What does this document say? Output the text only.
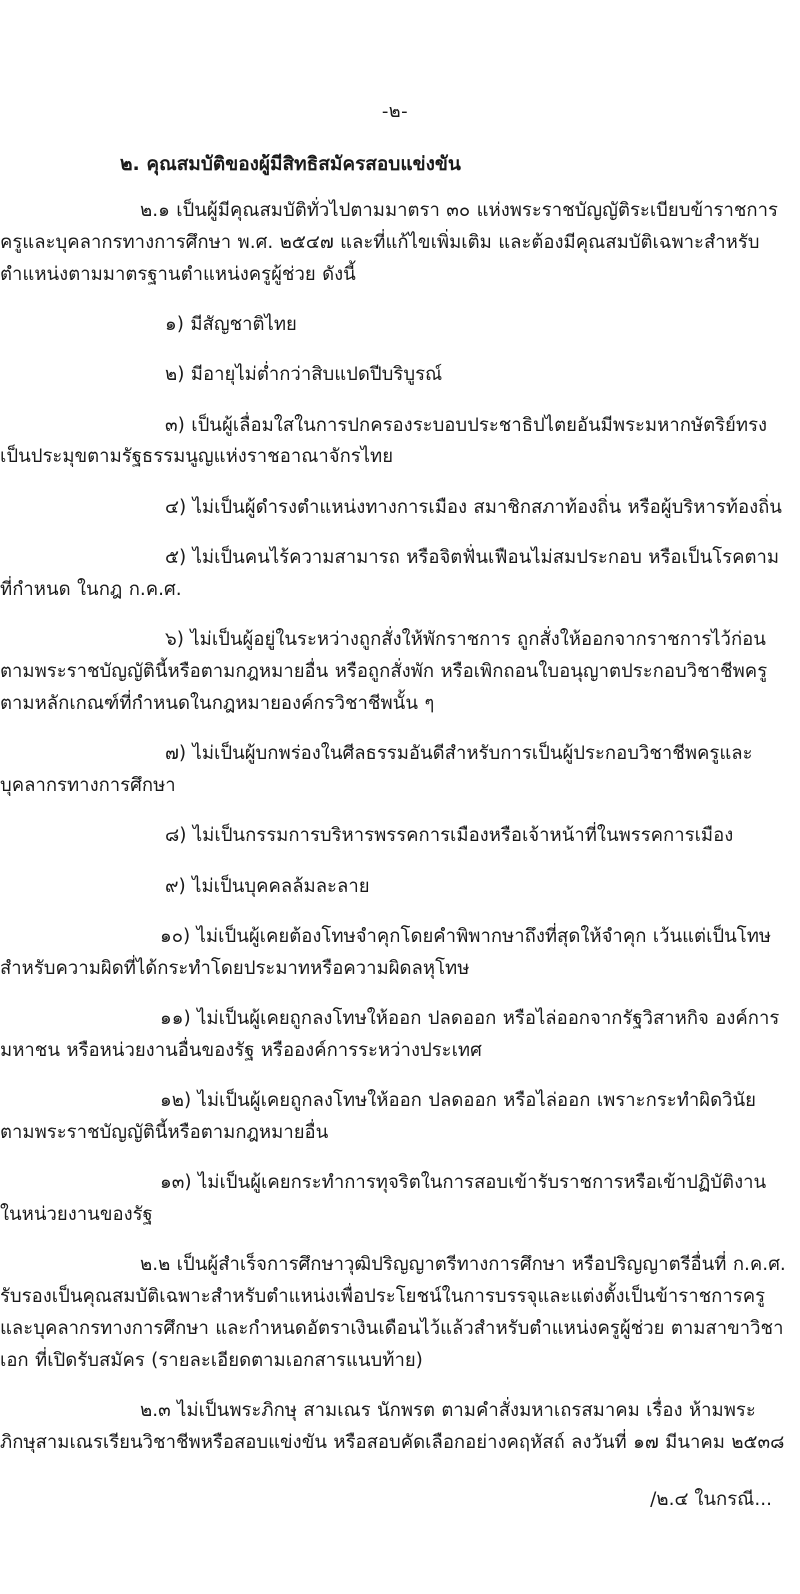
-๒-
๒. คุณสมบัติของผู้มีสิทธิสมัครสอบแข่งขัน

๒.๑ เป็นผู้มีคุณสมบัติทั่วไปตามมาตรา ๓๐ แห่งพระราชบัญญัติระเบียบข้าราชการครูและบุคลากรทางการศึกษา พ.ศ. ๒๕๔๗ และที่แก้ไขเพิ่มเติม และต้องมีคุณสมบัติเฉพาะสำหรับตำแหน่งตามมาตรฐานตำแหน่งครูผู้ช่วย ดังนี้

๑) มีสัญชาติไทย

๒) มีอายุไม่ต่ำกว่าสิบแปดปีบริบูรณ์

๓) เป็นผู้เลื่อมใสในการปกครองระบอบประชาธิปไตยอันมีพระมหากษัตริย์ทรงเป็นประมุขตามรัฐธรรมนูญแห่งราชอาณาจักรไทย

๔) ไม่เป็นผู้ดำรงตำแหน่งทางการเมือง สมาชิกสภาท้องถิ่น หรือผู้บริหารท้องถิ่น

๕) ไม่เป็นคนไร้ความสามารถ หรือจิตฟั่นเฟือนไม่สมประกอบ หรือเป็นโรคตามที่กำหนด ในกฎ ก.ค.ศ.

๖) ไม่เป็นผู้อยู่ในระหว่างถูกสั่งให้พักราชการ ถูกสั่งให้ออกจากราชการไว้ก่อนตามพระราชบัญญัตินี้หรือตามกฎหมายอื่น หรือถูกสั่งพัก หรือเพิกถอนใบอนุญาตประกอบวิชาชีพครูตามหลักเกณฑ์ที่กำหนดในกฎหมายองค์กรวิชาชีพนั้น ๆ

๗) ไม่เป็นผู้บกพร่องในศีลธรรมอันดีสำหรับการเป็นผู้ประกอบวิชาชีพครูและบุคลากรทางการศึกษา

๘) ไม่เป็นกรรมการบริหารพรรคการเมืองหรือเจ้าหน้าที่ในพรรคการเมือง

๙) ไม่เป็นบุคคลล้มละลาย

๑๐) ไม่เป็นผู้เคยต้องโทษจำคุกโดยคำพิพากษาถึงที่สุดให้จำคุก เว้นแต่เป็นโทษสำหรับความผิดที่ได้กระทำโดยประมาทหรือความผิดลหุโทษ

๑๑) ไม่เป็นผู้เคยถูกลงโทษให้ออก ปลดออก หรือไล่ออกจากรัฐวิสาหกิจ องค์การมหาชน หรือหน่วยงานอื่นของรัฐ หรือองค์การระหว่างประเทศ

๑๒) ไม่เป็นผู้เคยถูกลงโทษให้ออก ปลดออก หรือไล่ออก เพราะกระทำผิดวินัยตามพระราชบัญญัตินี้หรือตามกฎหมายอื่น

๑๓) ไม่เป็นผู้เคยกระทำการทุจริตในการสอบเข้ารับราชการหรือเข้าปฏิบัติงานในหน่วยงานของรัฐ

๒.๒ เป็นผู้สำเร็จการศึกษาวุฒิปริญญาตรีทางการศึกษา หรือปริญญาตรีอื่นที่ ก.ค.ศ. รับรองเป็นคุณสมบัติเฉพาะสำหรับตำแหน่งเพื่อประโยชน์ในการบรรจุและแต่งตั้งเป็นข้าราชการครูและบุคลากรทางการศึกษา และกำหนดอัตราเงินเดือนไว้แล้วสำหรับตำแหน่งครูผู้ช่วย ตามสาขาวิชาเอก ที่เปิดรับสมัคร (รายละเอียดตามเอกสารแนบท้าย)

๒.๓ ไม่เป็นพระภิกษุ สามเณร นักพรต ตามคำสั่งมหาเถรสมาคม เรื่อง ห้ามพระภิกษุสามเณรเรียนวิชาชีพหรือสอบแข่งขัน หรือสอบคัดเลือกอย่างคฤหัสถ์ ลงวันที่ ๑๗ มีนาคม ๒๕๓๘

/๒.๔ ในกรณี...
